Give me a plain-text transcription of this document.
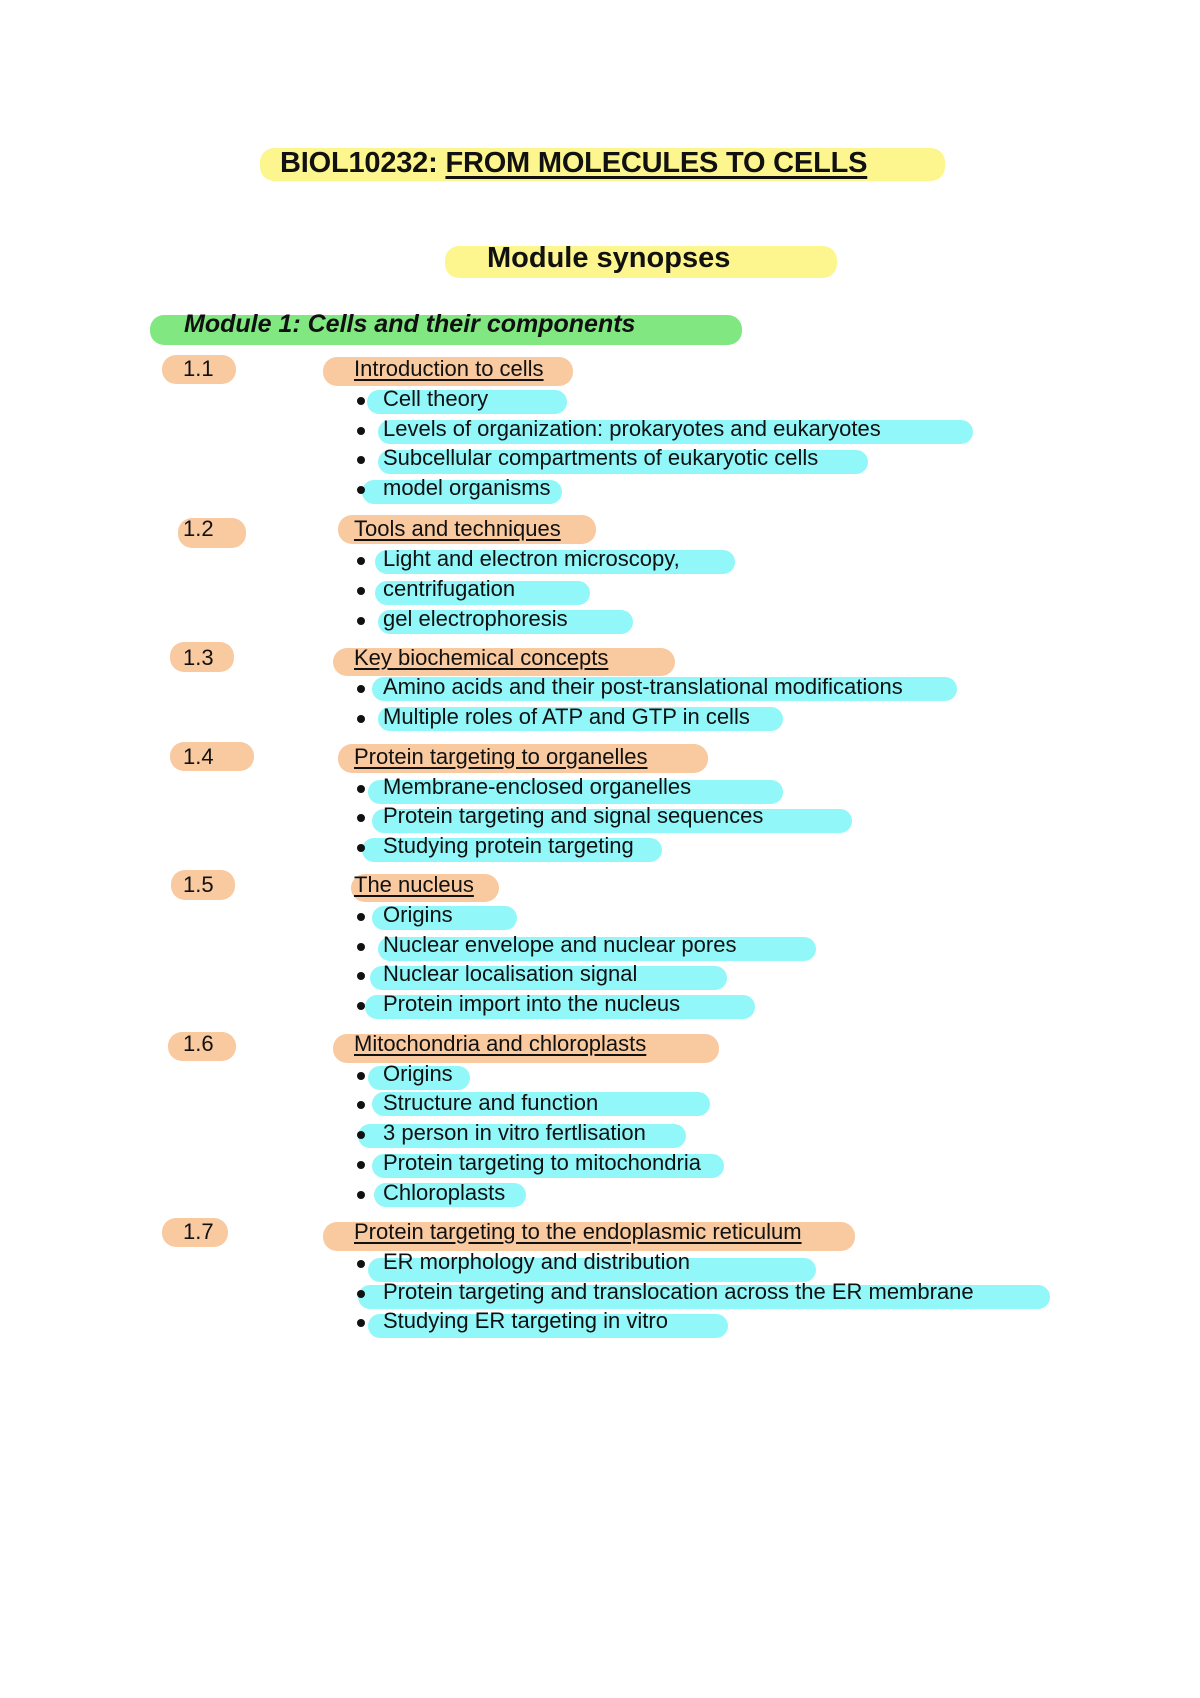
BIOL10232: FROM MOLECULES TO CELLS
Module synopses
Module 1: Cells and their components
1.1	Introduction to cells
Cell theory
Levels of organization: prokaryotes and eukaryotes
Subcellular compartments of eukaryotic cells
model organisms
1.2	Tools and techniques
Light and electron microscopy,
centrifugation
gel electrophoresis
1.3	Key biochemical concepts
Amino acids and their post-translational modifications
Multiple roles of ATP and GTP in cells
1.4	Protein targeting to organelles
Membrane-enclosed organelles
Protein targeting and signal sequences
Studying protein targeting
1.5	The nucleus
Origins
Nuclear envelope and nuclear pores
Nuclear localisation signal
Protein import into the nucleus
1.6	Mitochondria and chloroplasts
Origins
Structure and function
3 person in vitro fertlisation
Protein targeting to mitochondria
Chloroplasts
1.7	Protein targeting to the endoplasmic reticulum
ER morphology and distribution
Protein targeting and translocation across the ER membrane
Studying ER targeting in vitro
